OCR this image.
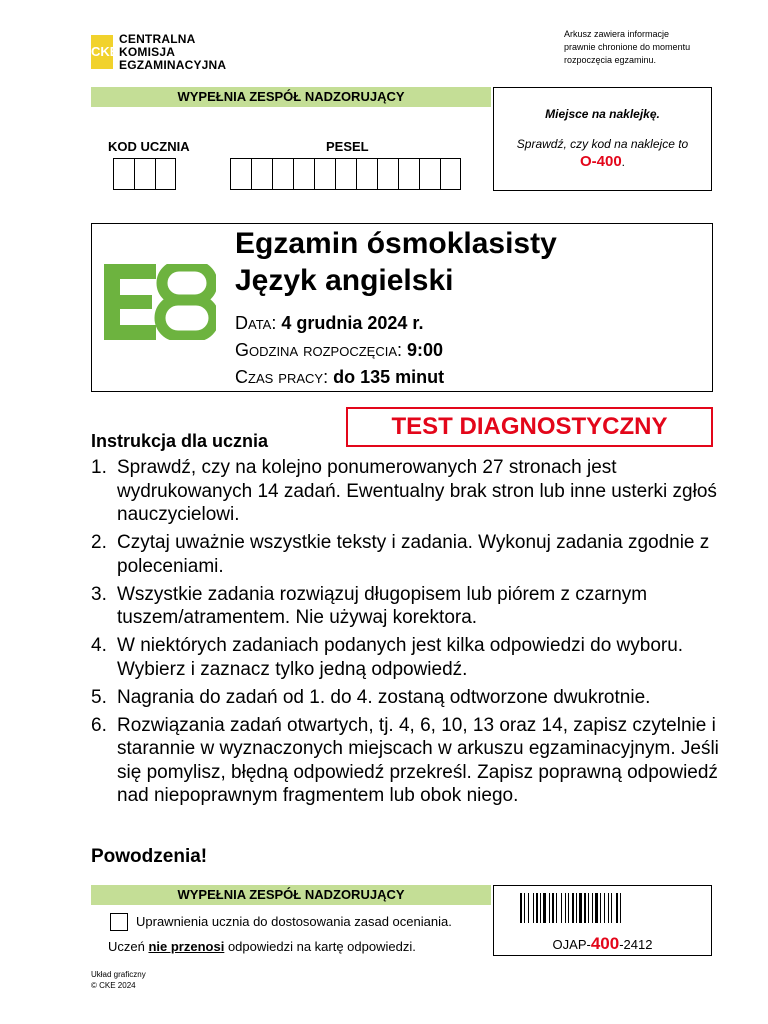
CKE
CENTRALNA
KOMISJA
EGZAMINACYJNA
Arkusz zawiera informacje
prawnie chronione do momentu
rozpoczęcia egzaminu.
WYPEŁNIA ZESPÓŁ NADZORUJĄCY
KOD UCZNIA	PESEL
Miejsce na naklejkę.
Sprawdź, czy kod na naklejce to
O-400.
Egzamin ósmoklasisty
Język angielski
Data: 4 grudnia 2024 r.
Godzina rozpoczęcia: 9:00
Czas pracy: do 135 minut
TEST DIAGNOSTYCZNY
Instrukcja dla ucznia
1. Sprawdź, czy na kolejno ponumerowanych 27 stronach jest wydrukowanych 14 zadań. Ewentualny brak stron lub inne usterki zgłoś nauczycielowi.
2. Czytaj uważnie wszystkie teksty i zadania. Wykonuj zadania zgodnie z poleceniami.
3. Wszystkie zadania rozwiązuj długopisem lub piórem z czarnym tuszem/atramentem. Nie używaj korektora.
4. W niektórych zadaniach podanych jest kilka odpowiedzi do wyboru. Wybierz i zaznacz tylko jedną odpowiedź.
5. Nagrania do zadań od 1. do 4. zostaną odtworzone dwukrotnie.
6. Rozwiązania zadań otwartych, tj. 4, 6, 10, 13 oraz 14, zapisz czytelnie i starannie w wyznaczonych miejscach w arkuszu egzaminacyjnym. Jeśli się pomylisz, błędną odpowiedź przekreśl. Zapisz poprawną odpowiedź nad niepoprawnym fragmentem lub obok niego.
Powodzenia!
WYPEŁNIA ZESPÓŁ NADZORUJĄCY
Uprawnienia ucznia do dostosowania zasad oceniania.
Uczeń nie przenosi odpowiedzi na kartę odpowiedzi.	OJAP-400-2412
Układ graficzny
© CKE 2024
